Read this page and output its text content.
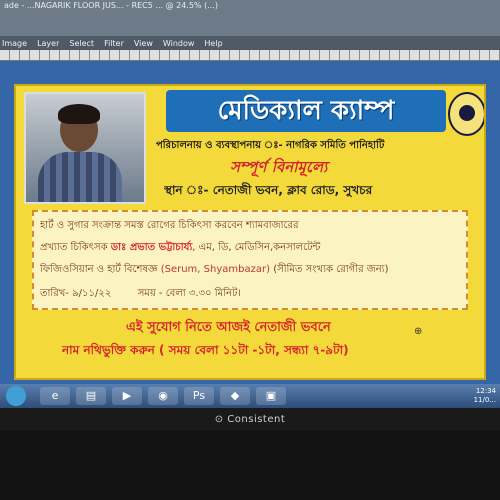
ade - ...NAGARIK FLOOR JUS... - REC5 ... @ 24.5% (...)
Image Layer Select Filter View Window Help
e	▤	▶	◉	Ps	◆	▣	12:34
11/0...
মেডিক্যাল ক্যাম্প
পরিচালনায় ও ব্যবস্থাপনায় ঃ- নাগরিক সমিতি পানিহাটি
সম্পূর্ণ বিনামূল্যে
স্থান ঃ- নেতাজী ভবন, ক্লাব রোড, সুখচর
হার্ট ও সুগার সংক্রান্ত সমস্ত রোগের চিকিৎসা করবেন শ্যামবাজারের
প্রখ্যাত চিকিৎসক ডাঃ প্রভাত ভট্টাচার্য্য, এম, ডি, মেডিসিন,কনসালটেন্ট
ফিজিওসিয়ান ও হার্ট বিশেষজ্ঞ (Serum, Shyambazar) (সীমিত সংখ্যক রোগীর জন্য)
তারিখ- ৯/১১/২২	সময় - বেলা ৩.৩০ মিনিট।
এই সুযোগ নিতে আজই নেতাজী ভবনে
নাম নথিভুক্তি করুন ( সময় বেলা ১১টা -১টা, সন্ধ্যা ৭-৯টা)
⊕
⊙ Consistent
